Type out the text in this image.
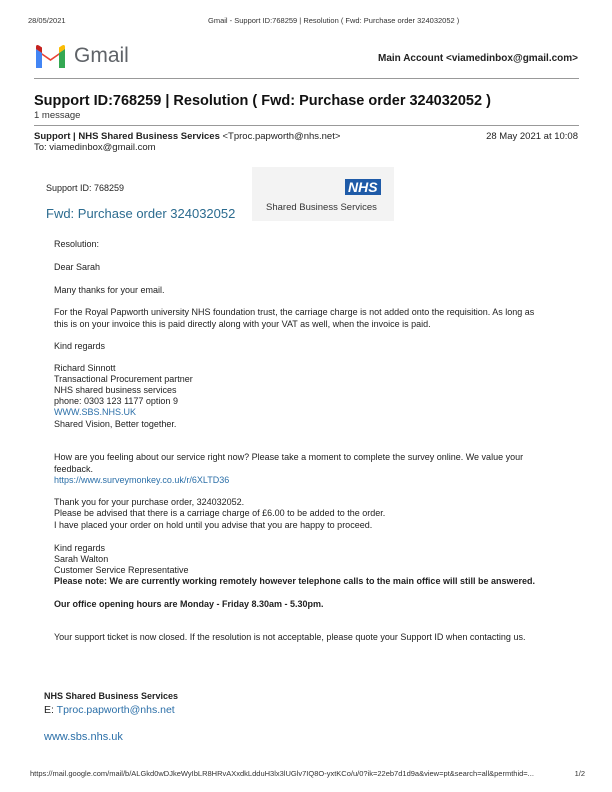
28/05/2021	Gmail - Support ID:768259 | Resolution ( Fwd: Purchase order 324032052 )
Gmail	Main Account <viamedinbox@gmail.com>
Support ID:768259 | Resolution ( Fwd: Purchase order 324032052 )
1 message
Support | NHS Shared Business Services <Tproc.papworth@nhs.net>	28 May 2021 at 10:08
To: viamedinbox@gmail.com
Support ID: 768259
Fwd: Purchase order 324032052
NHS
Shared Business Services
Resolution:
Dear Sarah
Many thanks for your email.
For the Royal Papworth university NHS foundation trust, the carriage charge is not added onto the requisition. As long as this is on your invoice this is paid directly along with your VAT as well, when the invoice is paid.
Kind regards
Richard Sinnott
Transactional Procurement partner
NHS shared business services
phone: 0303 123 1177 option 9
WWW.SBS.NHS.UK
Shared Vision, Better together.
How are you feeling about our service right now? Please take a moment to complete the survey online. We value your feedback.
https://www.surveymonkey.co.uk/r/6XLTD36
Thank you for your purchase order, 324032052.
Please be advised that there is a carriage charge of £6.00 to be added to the order.
I have placed your order on hold until you advise that you are happy to proceed.
Kind regards
Sarah Walton
Customer Service Representative
Please note: We are currently working remotely however telephone calls to the main office will still be answered.
Our office opening hours are Monday - Friday 8.30am - 5.30pm.
Your support ticket is now closed. If the resolution is not acceptable, please quote your Support ID when contacting us.
NHS Shared Business Services
E: Tproc.papworth@nhs.net
www.sbs.nhs.uk
https://mail.google.com/mail/b/ALGkd0wDJkeWyIbLR8HRvAXxdkLdduH3lx3lUGlv7IQ8O-yxtKCo/u/0?ik=22eb7d1d9a&view=pt&search=all&permthid=...	1/2
